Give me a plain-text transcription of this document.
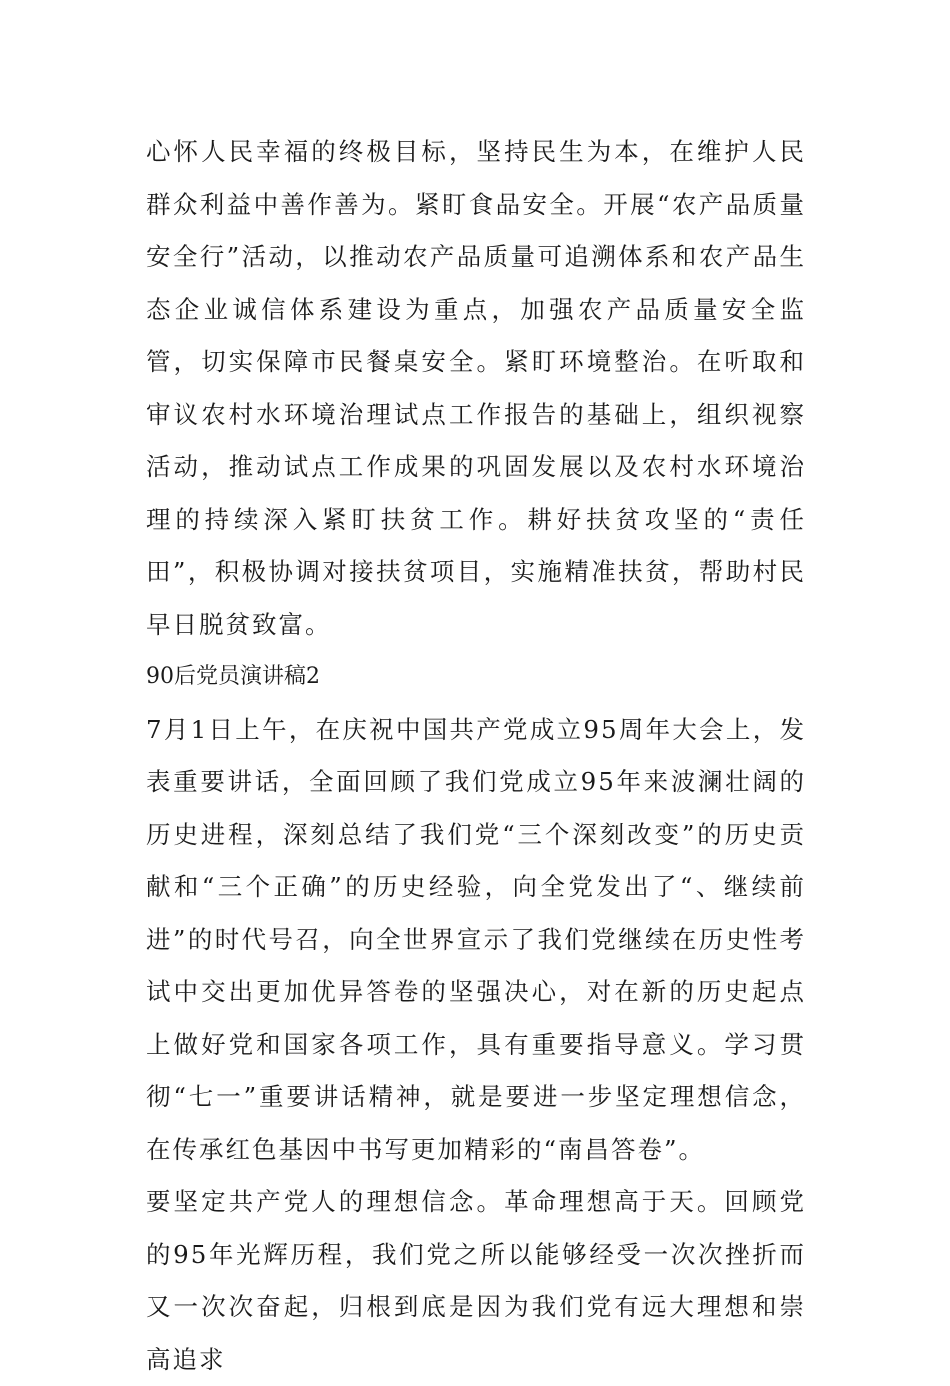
心怀人民幸福的终极目标，坚持民生为本，在维护人民群众利益中善作善为。紧盯食品安全。开展“农产品质量安全行”活动，以推动农产品质量可追溯体系和农产品生态企业诚信体系建设为重点，加强农产品质量安全监管，切实保障市民餐桌安全。紧盯环境整治。在听取和审议农村水环境治理试点工作报告的基础上，组织视察活动，推动试点工作成果的巩固发展以及农村水环境治理的持续深入紧盯扶贫工作。耕好扶贫攻坚的“责任田”，积极协调对接扶贫项目，实施精准扶贫，帮助村民早日脱贫致富。

90后党员演讲稿2

7月1日上午，在庆祝中国共产党成立95周年大会上，发表重要讲话，全面回顾了我们党成立95年来波澜壮阔的历史进程，深刻总结了我们党“三个深刻改变”的历史贡献和“三个正确”的历史经验，向全党发出了“、继续前进”的时代号召，向全世界宣示了我们党继续在历史性考试中交出更加优异答卷的坚强决心，对在新的历史起点上做好党和国家各项工作，具有重要指导意义。学习贯彻“七一”重要讲话精神，就是要进一步坚定理想信念，在传承红色基因中书写更加精彩的“南昌答卷”。

要坚定共产党人的理想信念。革命理想高于天。回顾党的95年光辉历程，我们党之所以能够经受一次次挫折而又一次次奋起，归根到底是因为我们党有远大理想和崇高追求
